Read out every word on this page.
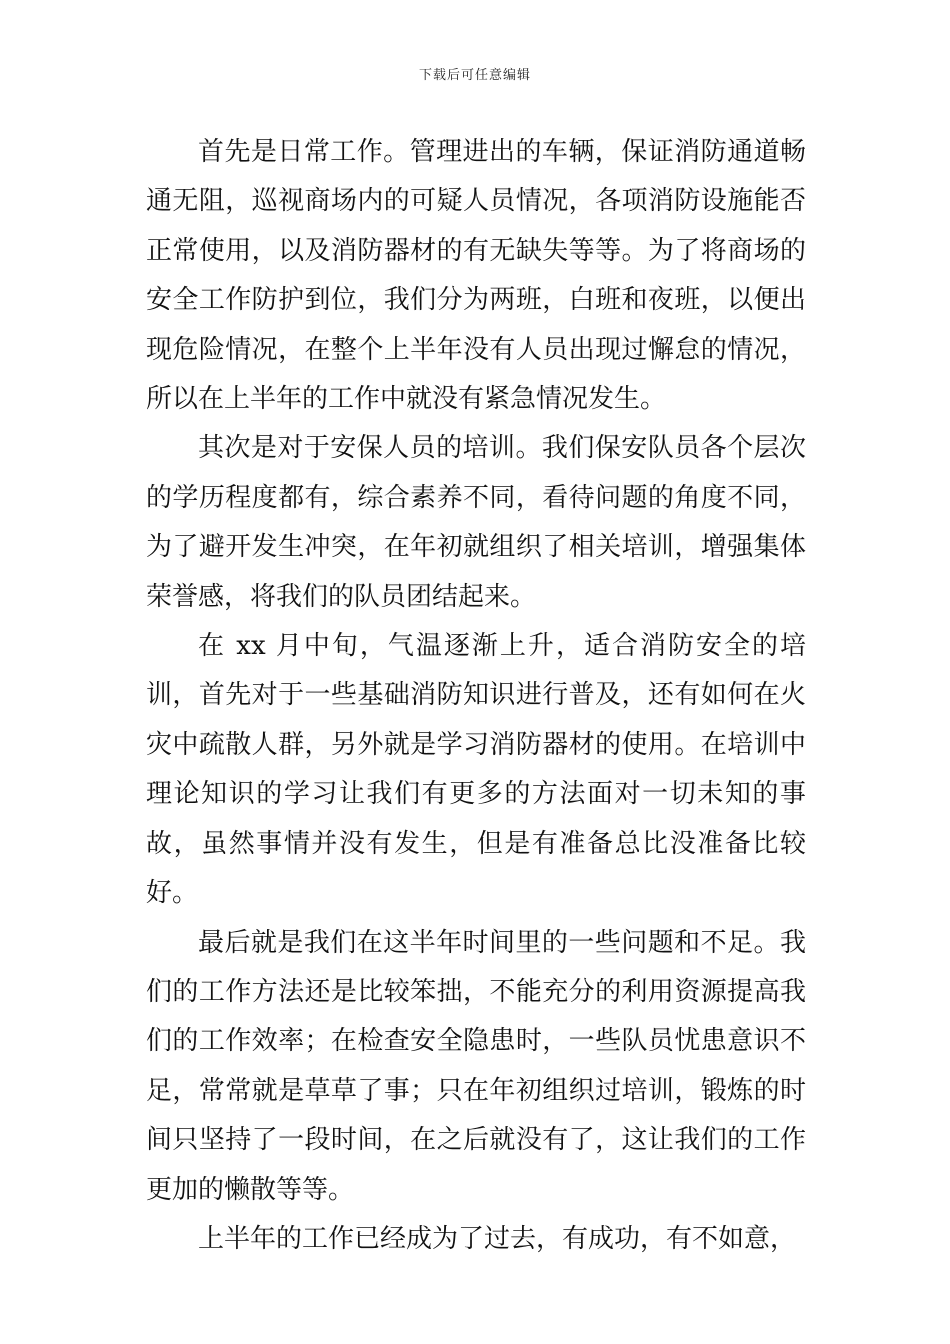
下载后可任意编辑

首先是日常工作。管理进出的车辆，保证消防通道畅通无阻，巡视商场内的可疑人员情况，各项消防设施能否正常使用，以及消防器材的有无缺失等等。为了将商场的安全工作防护到位，我们分为两班，白班和夜班，以便出现危险情况，在整个上半年没有人员出现过懈怠的情况，所以在上半年的工作中就没有紧急情况发生。

其次是对于安保人员的培训。我们保安队员各个层次的学历程度都有，综合素养不同，看待问题的角度不同，为了避开发生冲突，在年初就组织了相关培训，增强集体荣誉感，将我们的队员团结起来。

在 xx 月中旬，气温逐渐上升，适合消防安全的培训，首先对于一些基础消防知识进行普及，还有如何在火灾中疏散人群，另外就是学习消防器材的使用。在培训中理论知识的学习让我们有更多的方法面对一切未知的事故，虽然事情并没有发生，但是有准备总比没准备比较好。

最后就是我们在这半年时间里的一些问题和不足。我们的工作方法还是比较笨拙，不能充分的利用资源提高我们的工作效率；在检查安全隐患时，一些队员忧患意识不足，常常就是草草了事；只在年初组织过培训，锻炼的时间只坚持了一段时间，在之后就没有了，这让我们的工作更加的懒散等等。

上半年的工作已经成为了过去，有成功，有不如意，
